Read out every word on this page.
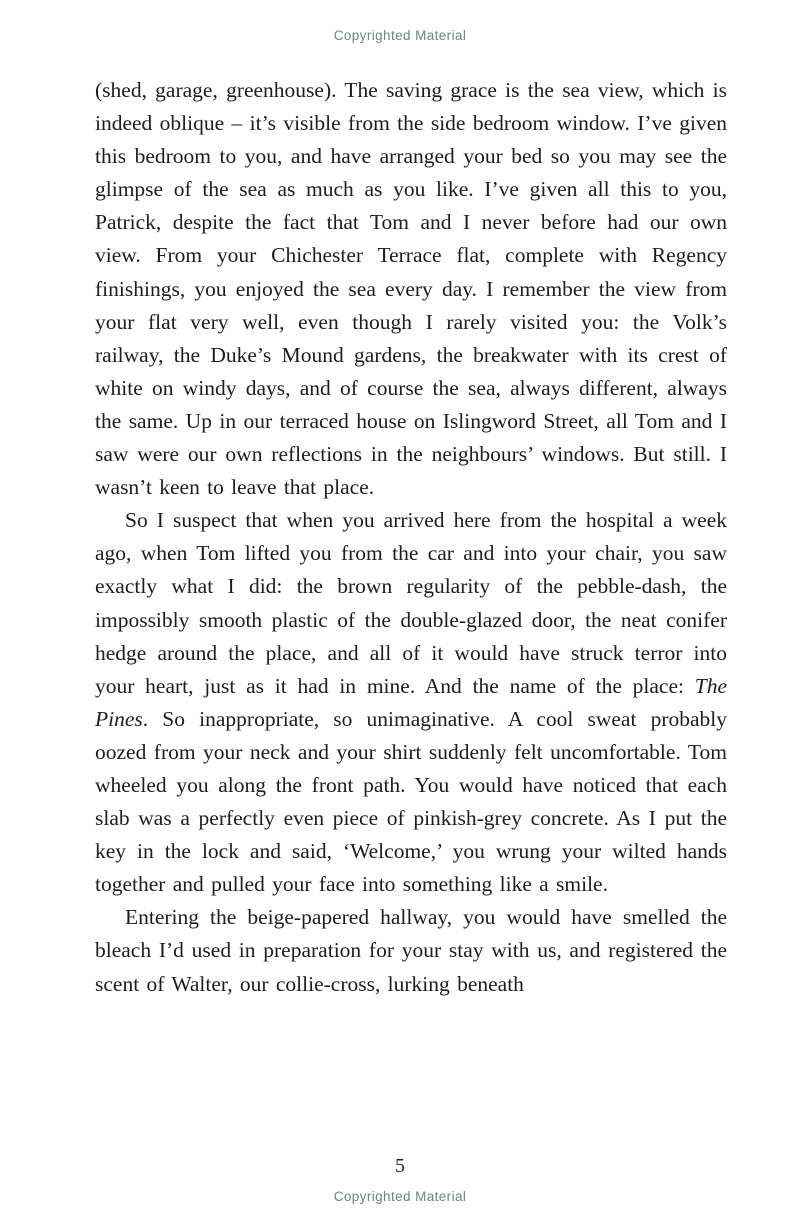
Copyrighted Material

(shed, garage, greenhouse). The saving grace is the sea view, which is indeed oblique – it’s visible from the side bedroom window. I’ve given this bedroom to you, and have arranged your bed so you may see the glimpse of the sea as much as you like. I’ve given all this to you, Patrick, despite the fact that Tom and I never before had our own view. From your Chichester Terrace flat, complete with Regency finishings, you enjoyed the sea every day. I remember the view from your flat very well, even though I rarely visited you: the Volk’s railway, the Duke’s Mound gardens, the breakwater with its crest of white on windy days, and of course the sea, always different, always the same. Up in our terraced house on Islingword Street, all Tom and I saw were our own reflections in the neighbours’ windows. But still. I wasn’t keen to leave that place.

So I suspect that when you arrived here from the hospital a week ago, when Tom lifted you from the car and into your chair, you saw exactly what I did: the brown regularity of the pebble-dash, the impossibly smooth plastic of the double-glazed door, the neat conifer hedge around the place, and all of it would have struck terror into your heart, just as it had in mine. And the name of the place: The Pines. So inappropriate, so unimaginative. A cool sweat probably oozed from your neck and your shirt suddenly felt uncomfortable. Tom wheeled you along the front path. You would have noticed that each slab was a perfectly even piece of pinkish-grey concrete. As I put the key in the lock and said, ‘Welcome,’ you wrung your wilted hands together and pulled your face into something like a smile.

Entering the beige-papered hallway, you would have smelled the bleach I’d used in preparation for your stay with us, and registered the scent of Walter, our collie-cross, lurking beneath

5
Copyrighted Material
